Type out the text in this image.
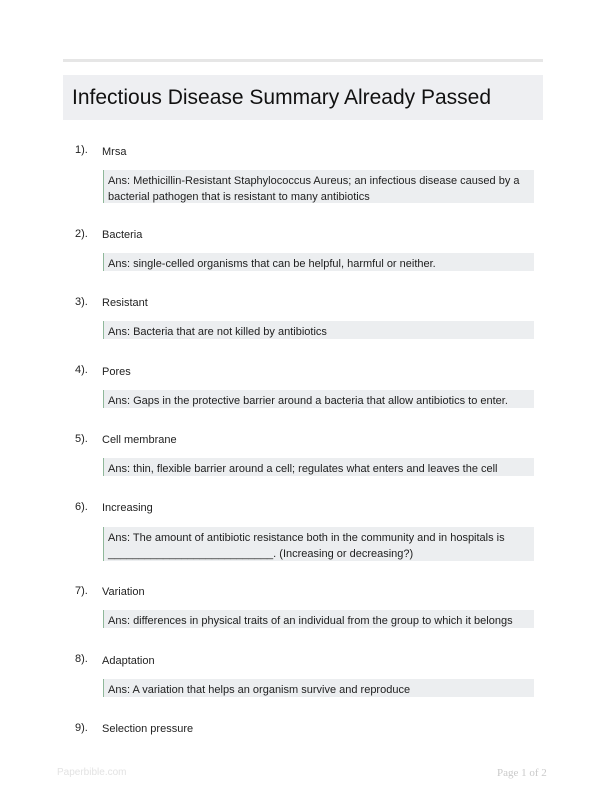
Infectious Disease Summary Already Passed
1). Mrsa
Ans: Methicillin-Resistant Staphylococcus Aureus; an infectious disease caused by a
bacterial pathogen that is resistant to many antibiotics
2). Bacteria
Ans: single-celled organisms that can be helpful, harmful or neither.
3). Resistant
Ans: Bacteria that are not killed by antibiotics
4). Pores
Ans: Gaps in the protective barrier around a bacteria that allow antibiotics to enter.
5). Cell membrane
Ans: thin, flexible barrier around a cell; regulates what enters and leaves the cell
6). Increasing
Ans: The amount of antibiotic resistance both in the community and in hospitals is
___________________________. (Increasing or decreasing?)
7). Variation
Ans: differences in physical traits of an individual from the group to which it belongs
8). Adaptation
Ans: A variation that helps an organism survive and reproduce
9). Selection pressure
Paperbible.com	Page 1 of 2
